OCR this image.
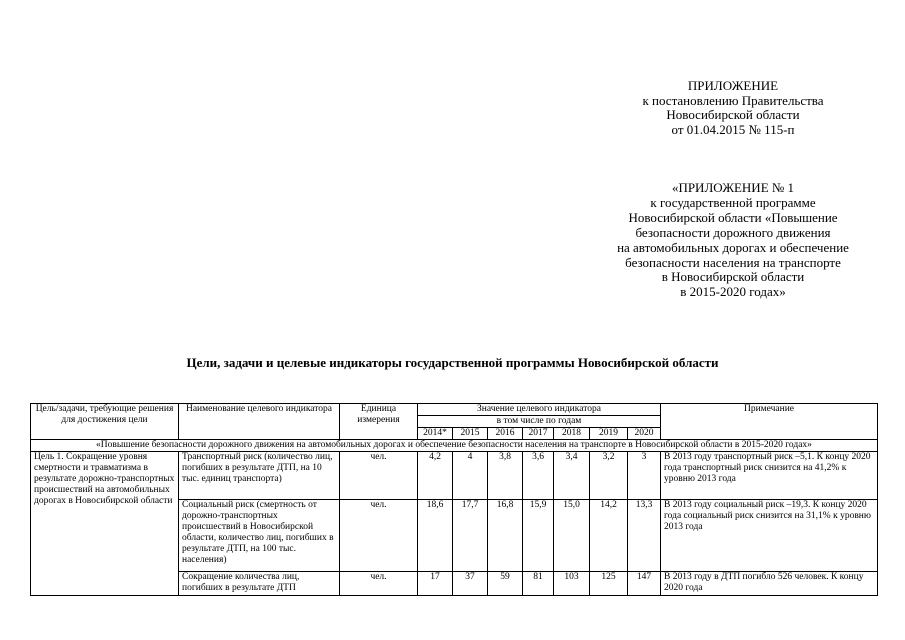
ПРИЛОЖЕНИЕ
к постановлению Правительства
Новосибирской области
от 01.04.2015 № 115-п
«ПРИЛОЖЕНИЕ № 1
к государственной программе
Новосибирской области «Повышение
безопасности дорожного движения
на автомобильных дорогах и обеспечение
безопасности населения на транспорте
в Новосибирской области
в 2015-2020 годах»
Цели, задачи и целевые индикаторы государственной программы Новосибирской области
Цель/задачи, требующие решения для достижения цели	Наименование целевого индикатора	Единица измерения	Значение целевого индикатора							Примечание
			в том числе по годам							
			2014*	2015	2016	2017	2018	2019	2020	
«Повышение безопасности дорожного движения на автомобильных дорогах и обеспечение безопасности населения на транспорте в Новосибирской области в 2015-2020 годах»										
Цель 1. Сокращение уровня смертности и травматизма в результате дорожно-транспортных происшествий на автомобильных дорогах в Новосибирской области	Транспортный риск (количество лиц, погибших в результате ДТП, на 10 тыс. единиц транспорта)	чел.	4,2	4	3,8	3,6	3,4	3,2	3	В 2013 году транспортный риск –5,1. К концу 2020 года транспортный риск снизится на 41,2% к уровню 2013 года
	Социальный риск (смертность от дорожно-транспортных происшествий в Новосибирской области, количество лиц, погибших в результате ДТП, на 100 тыс. населения)	чел.	18,6	17,7	16,8	15,9	15,0	14,2	13,3	В 2013 году социальный риск –19,3. К концу 2020 года социальный риск снизится на 31,1% к уровню 2013 года
	Сокращение количества лиц, погибших в результате ДТП	чел.	17	37	59	81	103	125	147	В 2013 году в ДТП погибло 526 человек. К концу 2020 года
